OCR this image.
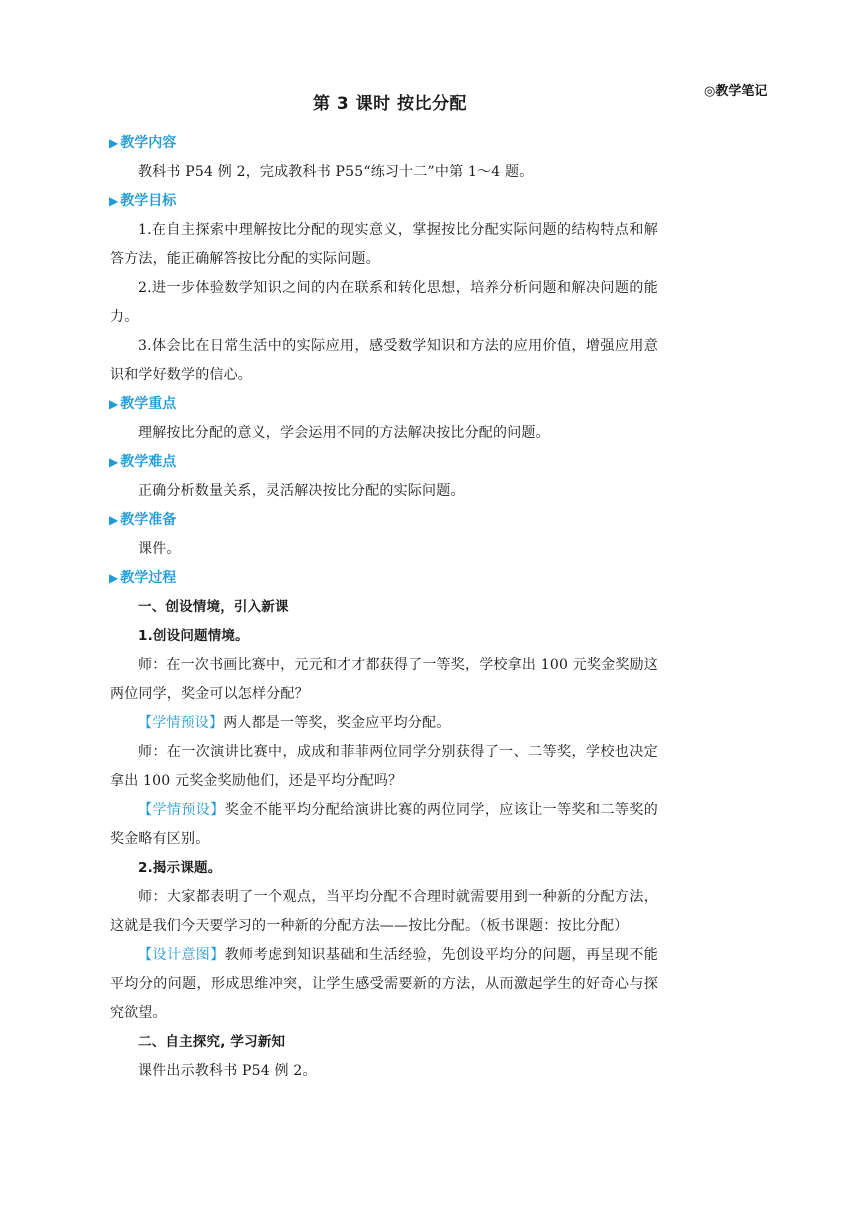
◎教学笔记
第 3 课时 按比分配
▶ 教学内容

教科书 P54 例 2，完成教科书 P55“练习十二”中第 1～4 题。

▶ 教学目标

1.在自主探索中理解按比分配的现实意义，掌握按比分配实际问题的结构特点和解答方法，能正确解答按比分配的实际问题。

2.进一步体验数学知识之间的内在联系和转化思想，培养分析问题和解决问题的能力。

3.体会比在日常生活中的实际应用，感受数学知识和方法的应用价值，增强应用意识和学好数学的信心。

▶ 教学重点

理解按比分配的意义，学会运用不同的方法解决按比分配的问题。

▶ 教学难点

正确分析数量关系，灵活解决按比分配的实际问题。

▶ 教学准备

课件。

▶ 教学过程

一、创设情境，引入新课

1.创设问题情境。

师：在一次书画比赛中，元元和才才都获得了一等奖，学校拿出 100 元奖金奖励这两位同学，奖金可以怎样分配？

【学情预设】两人都是一等奖，奖金应平均分配。

师：在一次演讲比赛中，成成和菲菲两位同学分别获得了一、二等奖，学校也决定拿出 100 元奖金奖励他们，还是平均分配吗？

【学情预设】奖金不能平均分配给演讲比赛的两位同学，应该让一等奖和二等奖的奖金略有区别。

2.揭示课题。

师：大家都表明了一个观点，当平均分配不合理时就需要用到一种新的分配方法，这就是我们今天要学习的一种新的分配方法——按比分配。（板书课题：按比分配）

【设计意图】教师考虑到知识基础和生活经验，先创设平均分的问题，再呈现不能平均分的问题，形成思维冲突，让学生感受需要新的方法，从而激起学生的好奇心与探究欲望。

二、自主探究, 学习新知

课件出示教科书 P54 例 2。
